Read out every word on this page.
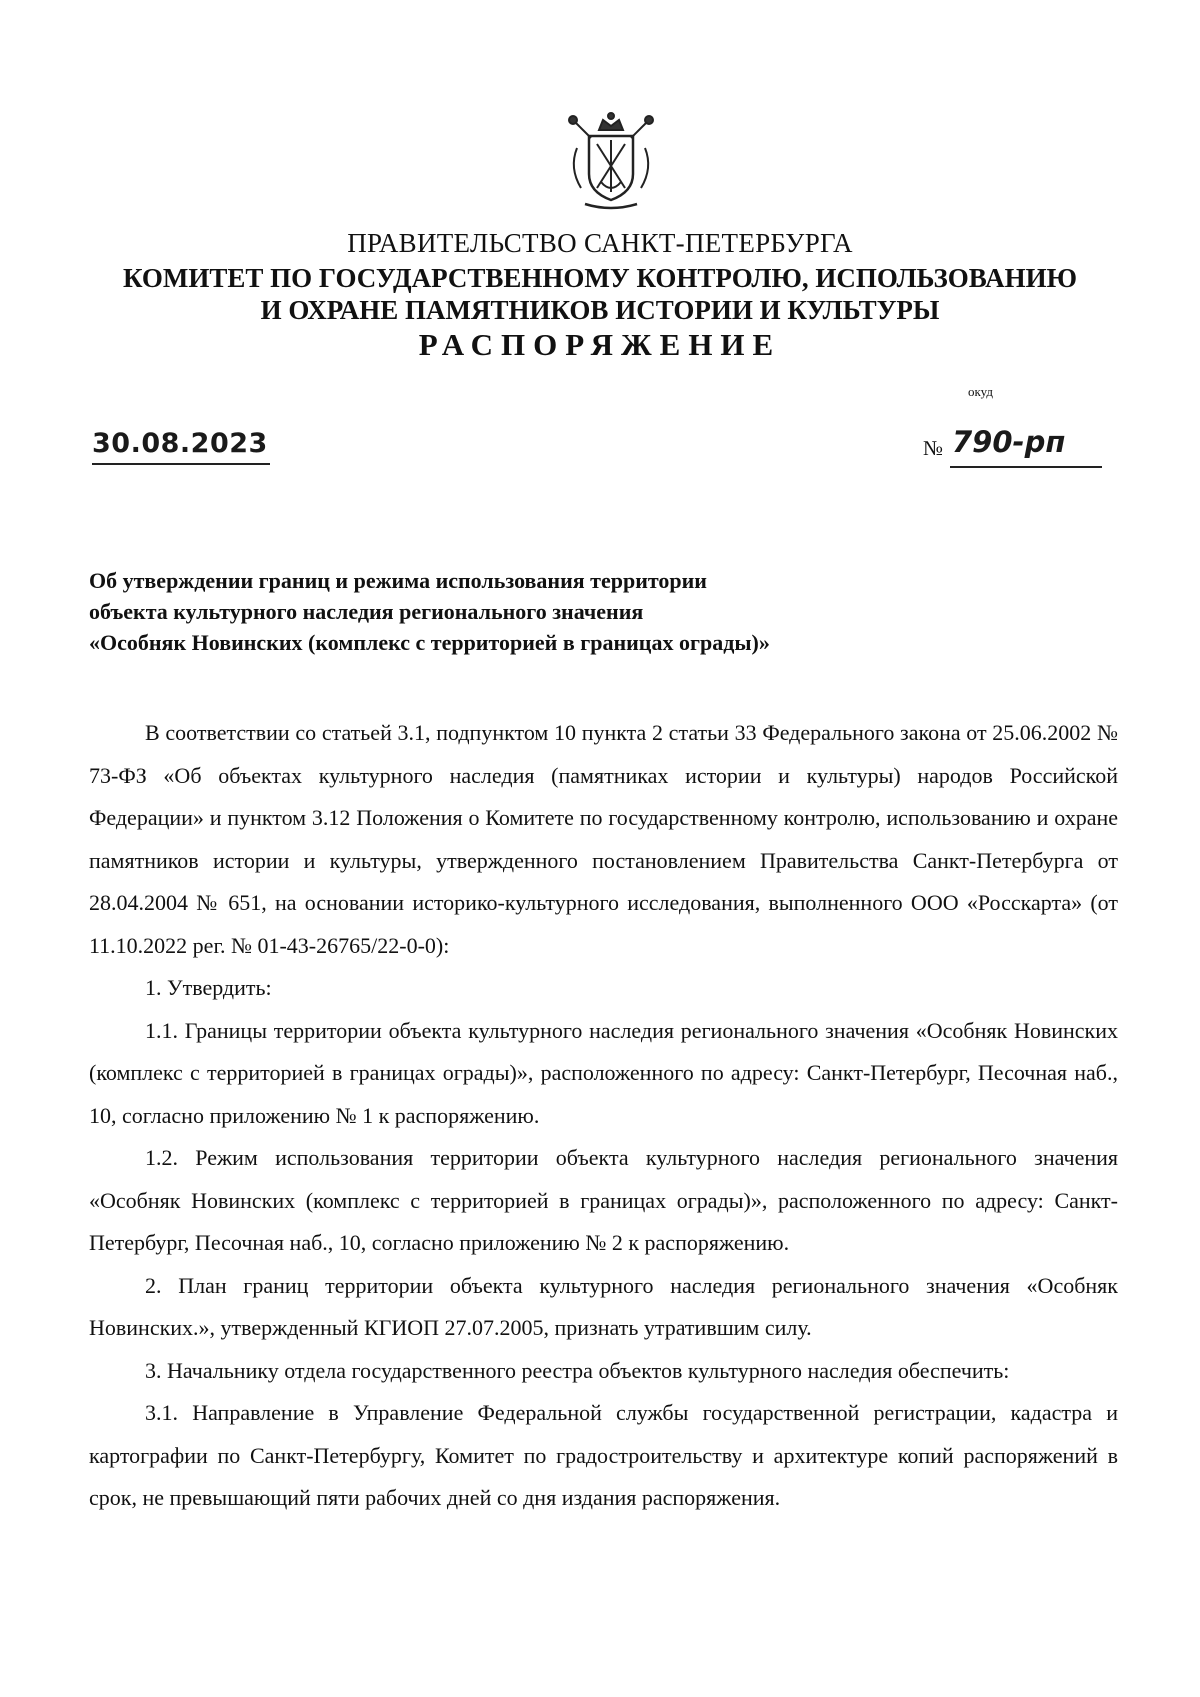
ПРАВИТЕЛЬСТВО САНКТ-ПЕТЕРБУРГА
КОМИТЕТ ПО ГОСУДАРСТВЕННОМУ КОНТРОЛЮ, ИСПОЛЬЗОВАНИЮ
И ОХРАНЕ ПАМЯТНИКОВ ИСТОРИИ И КУЛЬТУРЫ
РАСПОРЯЖЕНИЕ
окуд
30.08.2023	№ 790-рп
Об утверждении границ и режима использования территории
объекта культурного наследия регионального значения
«Особняк Новинских (комплекс с территорией в границах ограды)»

В соответствии со статьей 3.1, подпунктом 10 пункта 2 статьи 33 Федерального закона от 25.06.2002 № 73-ФЗ «Об объектах культурного наследия (памятниках истории и культуры) народов Российской Федерации» и пунктом 3.12 Положения о Комитете по государственному контролю, использованию и охране памятников истории и культуры, утвержденного постановлением Правительства Санкт-Петербурга от 28.04.2004 № 651, на основании историко-культурного исследования, выполненного ООО «Росскарта» (от 11.10.2022 рег. № 01-43-26765/22-0-0):

1. Утвердить:

1.1. Границы территории объекта культурного наследия регионального значения «Особняк Новинских (комплекс с территорией в границах ограды)», расположенного по адресу: Санкт-Петербург, Песочная наб., 10, согласно приложению № 1 к распоряжению.

1.2. Режим использования территории объекта культурного наследия регионального значения «Особняк Новинских (комплекс с территорией в границах ограды)», расположенного по адресу: Санкт-Петербург, Песочная наб., 10, согласно приложению № 2 к распоряжению.

2. План границ территории объекта культурного наследия регионального значения «Особняк Новинских.», утвержденный КГИОП 27.07.2005, признать утратившим силу.

3. Начальнику отдела государственного реестра объектов культурного наследия обеспечить:

3.1. Направление в Управление Федеральной службы государственной регистрации, кадастра и картографии по Санкт-Петербургу, Комитет по градостроительству и архитектуре копий распоряжений в срок, не превышающий пяти рабочих дней со дня издания распоряжения.
